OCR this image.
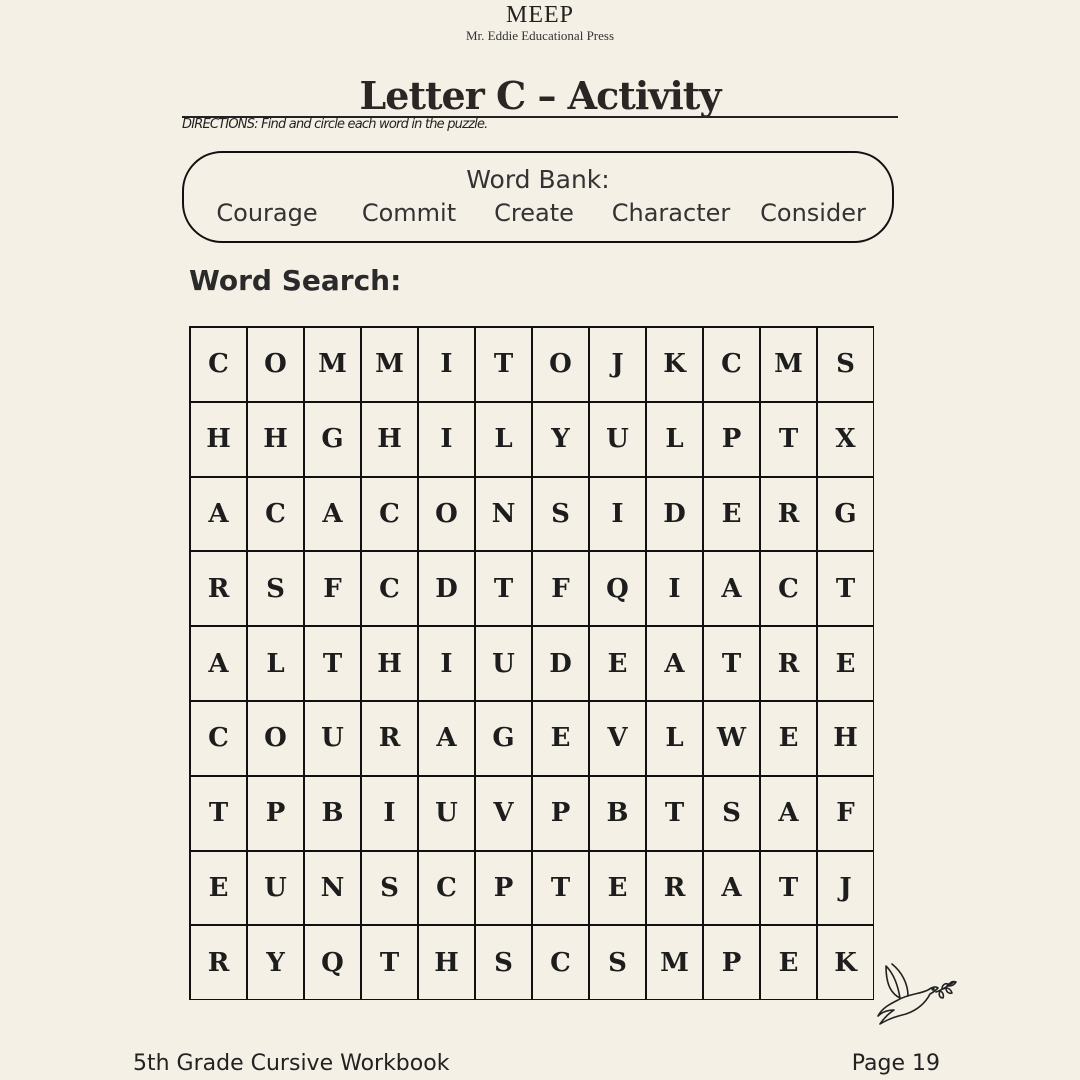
MEEP
Mr. Eddie Educational Press
Letter C – Activity
DIRECTIONS: Find and circle each word in the puzzle.
Word Bank:
Courage Commit Create Character Consider
Word Search:
C	O	M	M	I	T	O	J	K	C	M	S
H	H	G	H	I	L	Y	U	L	P	T	X
A	C	A	C	O	N	S	I	D	E	R	G
R	S	F	C	D	T	F	Q	I	A	C	T
A	L	T	H	I	U	D	E	A	T	R	E
C	O	U	R	A	G	E	V	L	W	E	H
T	P	B	I	U	V	P	B	T	S	A	F
E	U	N	S	C	P	T	E	R	A	T	J
R	Y	Q	T	H	S	C	S	M	P	E	K
5th Grade Cursive Workbook	Page 19
